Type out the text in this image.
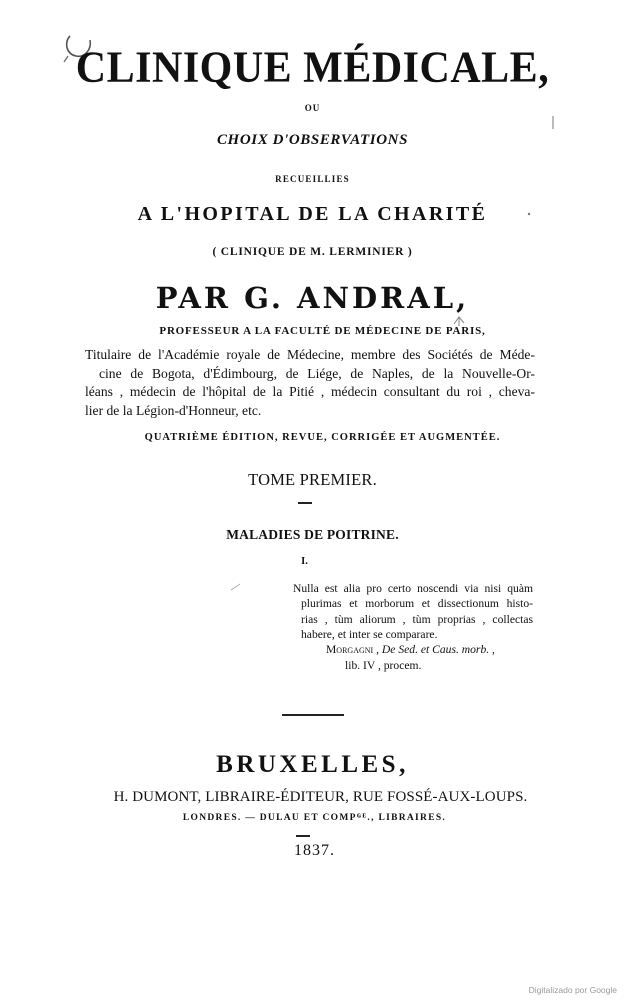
CLINIQUE MÉDICALE,
OU
CHOIX D'OBSERVATIONS
RECUEILLIES
A L'HOPITAL DE LA CHARITÉ
( CLINIQUE DE M. LERMINIER )
PAR G. ANDRAL,
PROFESSEUR A LA FACULTÉ DE MÉDECINE DE PARIS,
Titulaire de l'Académie royale de Médecine, membre des Sociétés de Méde-
cine de Bogota, d'Édimbourg, de Liége, de Naples, de la Nouvelle-Or-
léans , médecin de l'hôpital de la Pitié , médecin consultant du roi , cheva-
lier de la Légion-d'Honneur, etc.
QUATRIÈME ÉDITION, REVUE, CORRIGÉE ET AUGMENTÉE.
TOME PREMIER.
MALADIES DE POITRINE.
I.
Nulla est alia pro certo noscendi via nisi quàm
plurimas et morborum et dissectionum histo-
rias , tùm aliorum , tùm proprias , collectas
habere, et inter se comparare.
Morgagni , De Sed. et Caus. morb. ,
lib. IV , procem.
BRUXELLES,
H. DUMONT, LIBRAIRE-ÉDITEUR, RUE FOSSÉ-AUX-LOUPS.
LONDRES. — DULAU ET COMPᴳᴱ., LIBRAIRES.
1837.
Digitalizado por Google
